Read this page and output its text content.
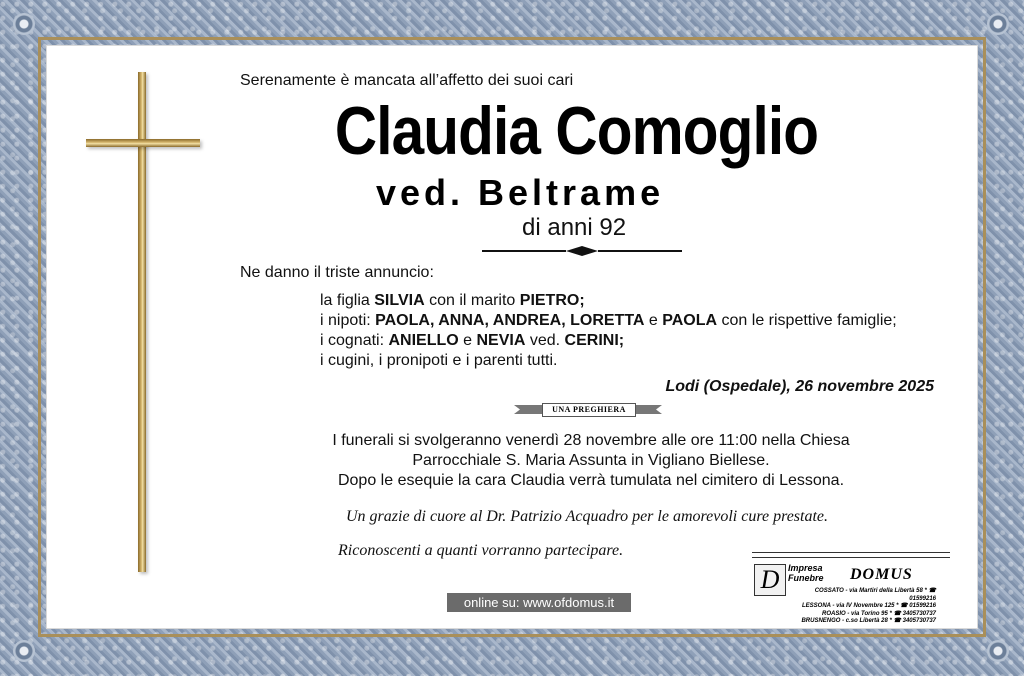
Serenamente è mancata all’affetto dei suoi cari
Claudia Comoglio
ved. Beltrame
di anni 92
Ne danno il triste annuncio:
la figlia SILVIA con il marito PIETRO;
i nipoti: PAOLA, ANNA, ANDREA, LORETTA e PAOLA con le rispettive famiglie;
i cognati: ANIELLO e NEVIA ved. CERINI;
i cugini, i pronipoti e i parenti tutti.
Lodi (Ospedale), 26 novembre 2025
UNA PREGHIERA
I funerali si svolgeranno venerdì 28 novembre alle ore 11:00 nella Chiesa
Parrocchiale S. Maria Assunta in Vigliano Biellese.
Dopo le esequie la cara Claudia verrà tumulata nel cimitero di Lessona.
Un grazie di cuore al Dr. Patrizio Acquadro per le amorevoli cure prestate.
Riconoscenti a quanti vorranno partecipare.
online su: www.ofdomus.it
D Impresa
Funebre DOMUS
COSSATO - via Martiri della Libertà 58 * ☎ 01599216
LESSONA - via IV Novembre 125 * ☎ 01599216
ROASIO - via Torino 95 * ☎ 3405730737
BRUSNENGO - c.so Libertà 28 * ☎ 3405730737
